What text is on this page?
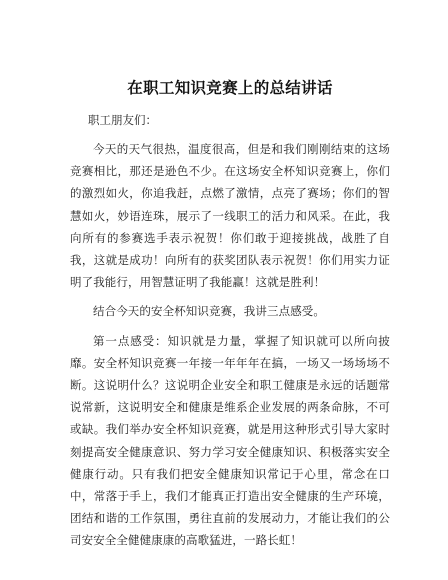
在职工知识竞赛上的总结讲话

职工朋友们：

今天的天气很热，温度很高，但是和我们刚刚结束的这场竞赛相比，那还是逊色不少。在这场安全杯知识竞赛上，你们的激烈如火，你追我赶，点燃了激情，点亮了赛场；你们的智慧如火，妙语连珠，展示了一线职工的活力和风采。在此，我向所有的参赛选手表示祝贺！你们敢于迎接挑战，战胜了自我，这就是成功！向所有的获奖团队表示祝贺！你们用实力证明了我能行，用智慧证明了我能赢！这就是胜利！

结合今天的安全杯知识竞赛，我讲三点感受。

第一点感受：知识就是力量，掌握了知识就可以所向披靡。安全杯知识竞赛一年接一年年年在搞，一场又一场场场不断。这说明什么？这说明企业安全和职工健康是永远的话题常说常新，这说明安全和健康是维系企业发展的两条命脉，不可或缺。我们举办安全杯知识竞赛，就是用这种形式引导大家时刻提高安全健康意识、努力学习安全健康知识、积极落实安全健康行动。只有我们把安全健康知识常记于心里，常念在口中，常落于手上，我们才能真正打造出安全健康的生产环境，团结和谐的工作氛围，勇往直前的发展动力，才能让我们的公司安安全全健健康康的高歌猛进，一路长虹！
